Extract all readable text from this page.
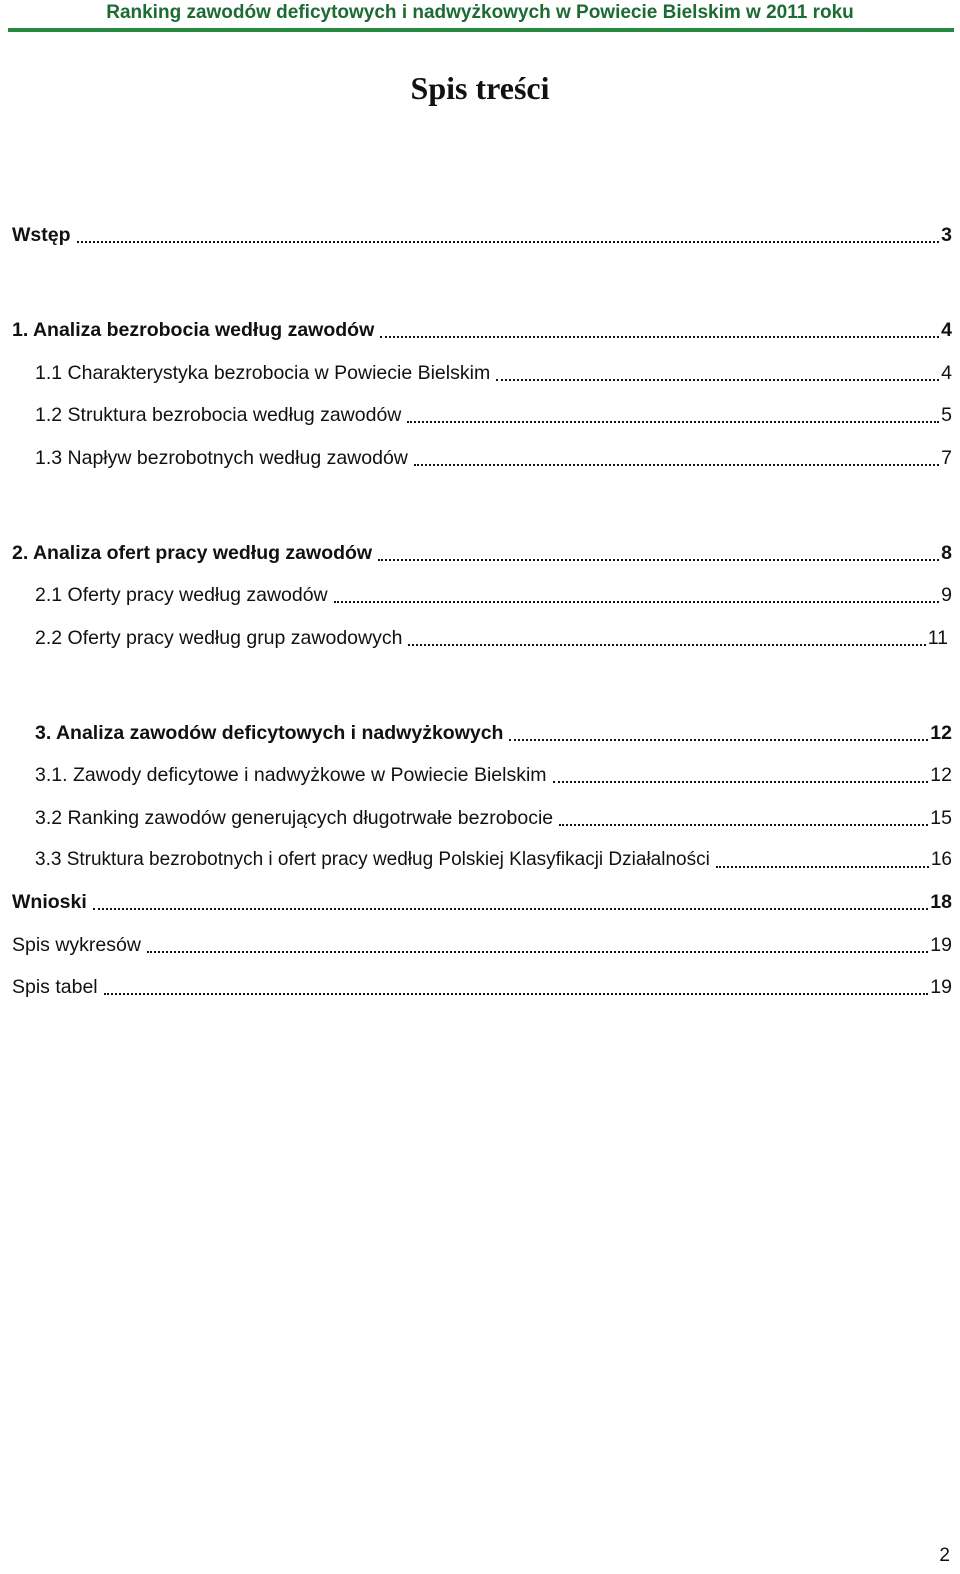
Ranking zawodów deficytowych i nadwyżkowych w Powiecie Bielskim w 2011 roku
Spis treści
Wstęp	3
1. Analiza bezrobocia według zawodów	4
1.1 Charakterystyka bezrobocia w Powiecie Bielskim	4
1.2 Struktura bezrobocia według zawodów	5
1.3 Napływ bezrobotnych według zawodów	7
2. Analiza ofert pracy według zawodów	8
2.1 Oferty pracy według zawodów	9
2.2 Oferty pracy według grup zawodowych	11
3. Analiza zawodów deficytowych i nadwyżkowych	12
3.1. Zawody deficytowe i nadwyżkowe w Powiecie Bielskim	12
3.2 Ranking zawodów generujących długotrwałe bezrobocie	15
3.3 Struktura bezrobotnych i ofert pracy według Polskiej Klasyfikacji Działalności	16
Wnioski	18
Spis wykresów	19
Spis tabel	19
2
